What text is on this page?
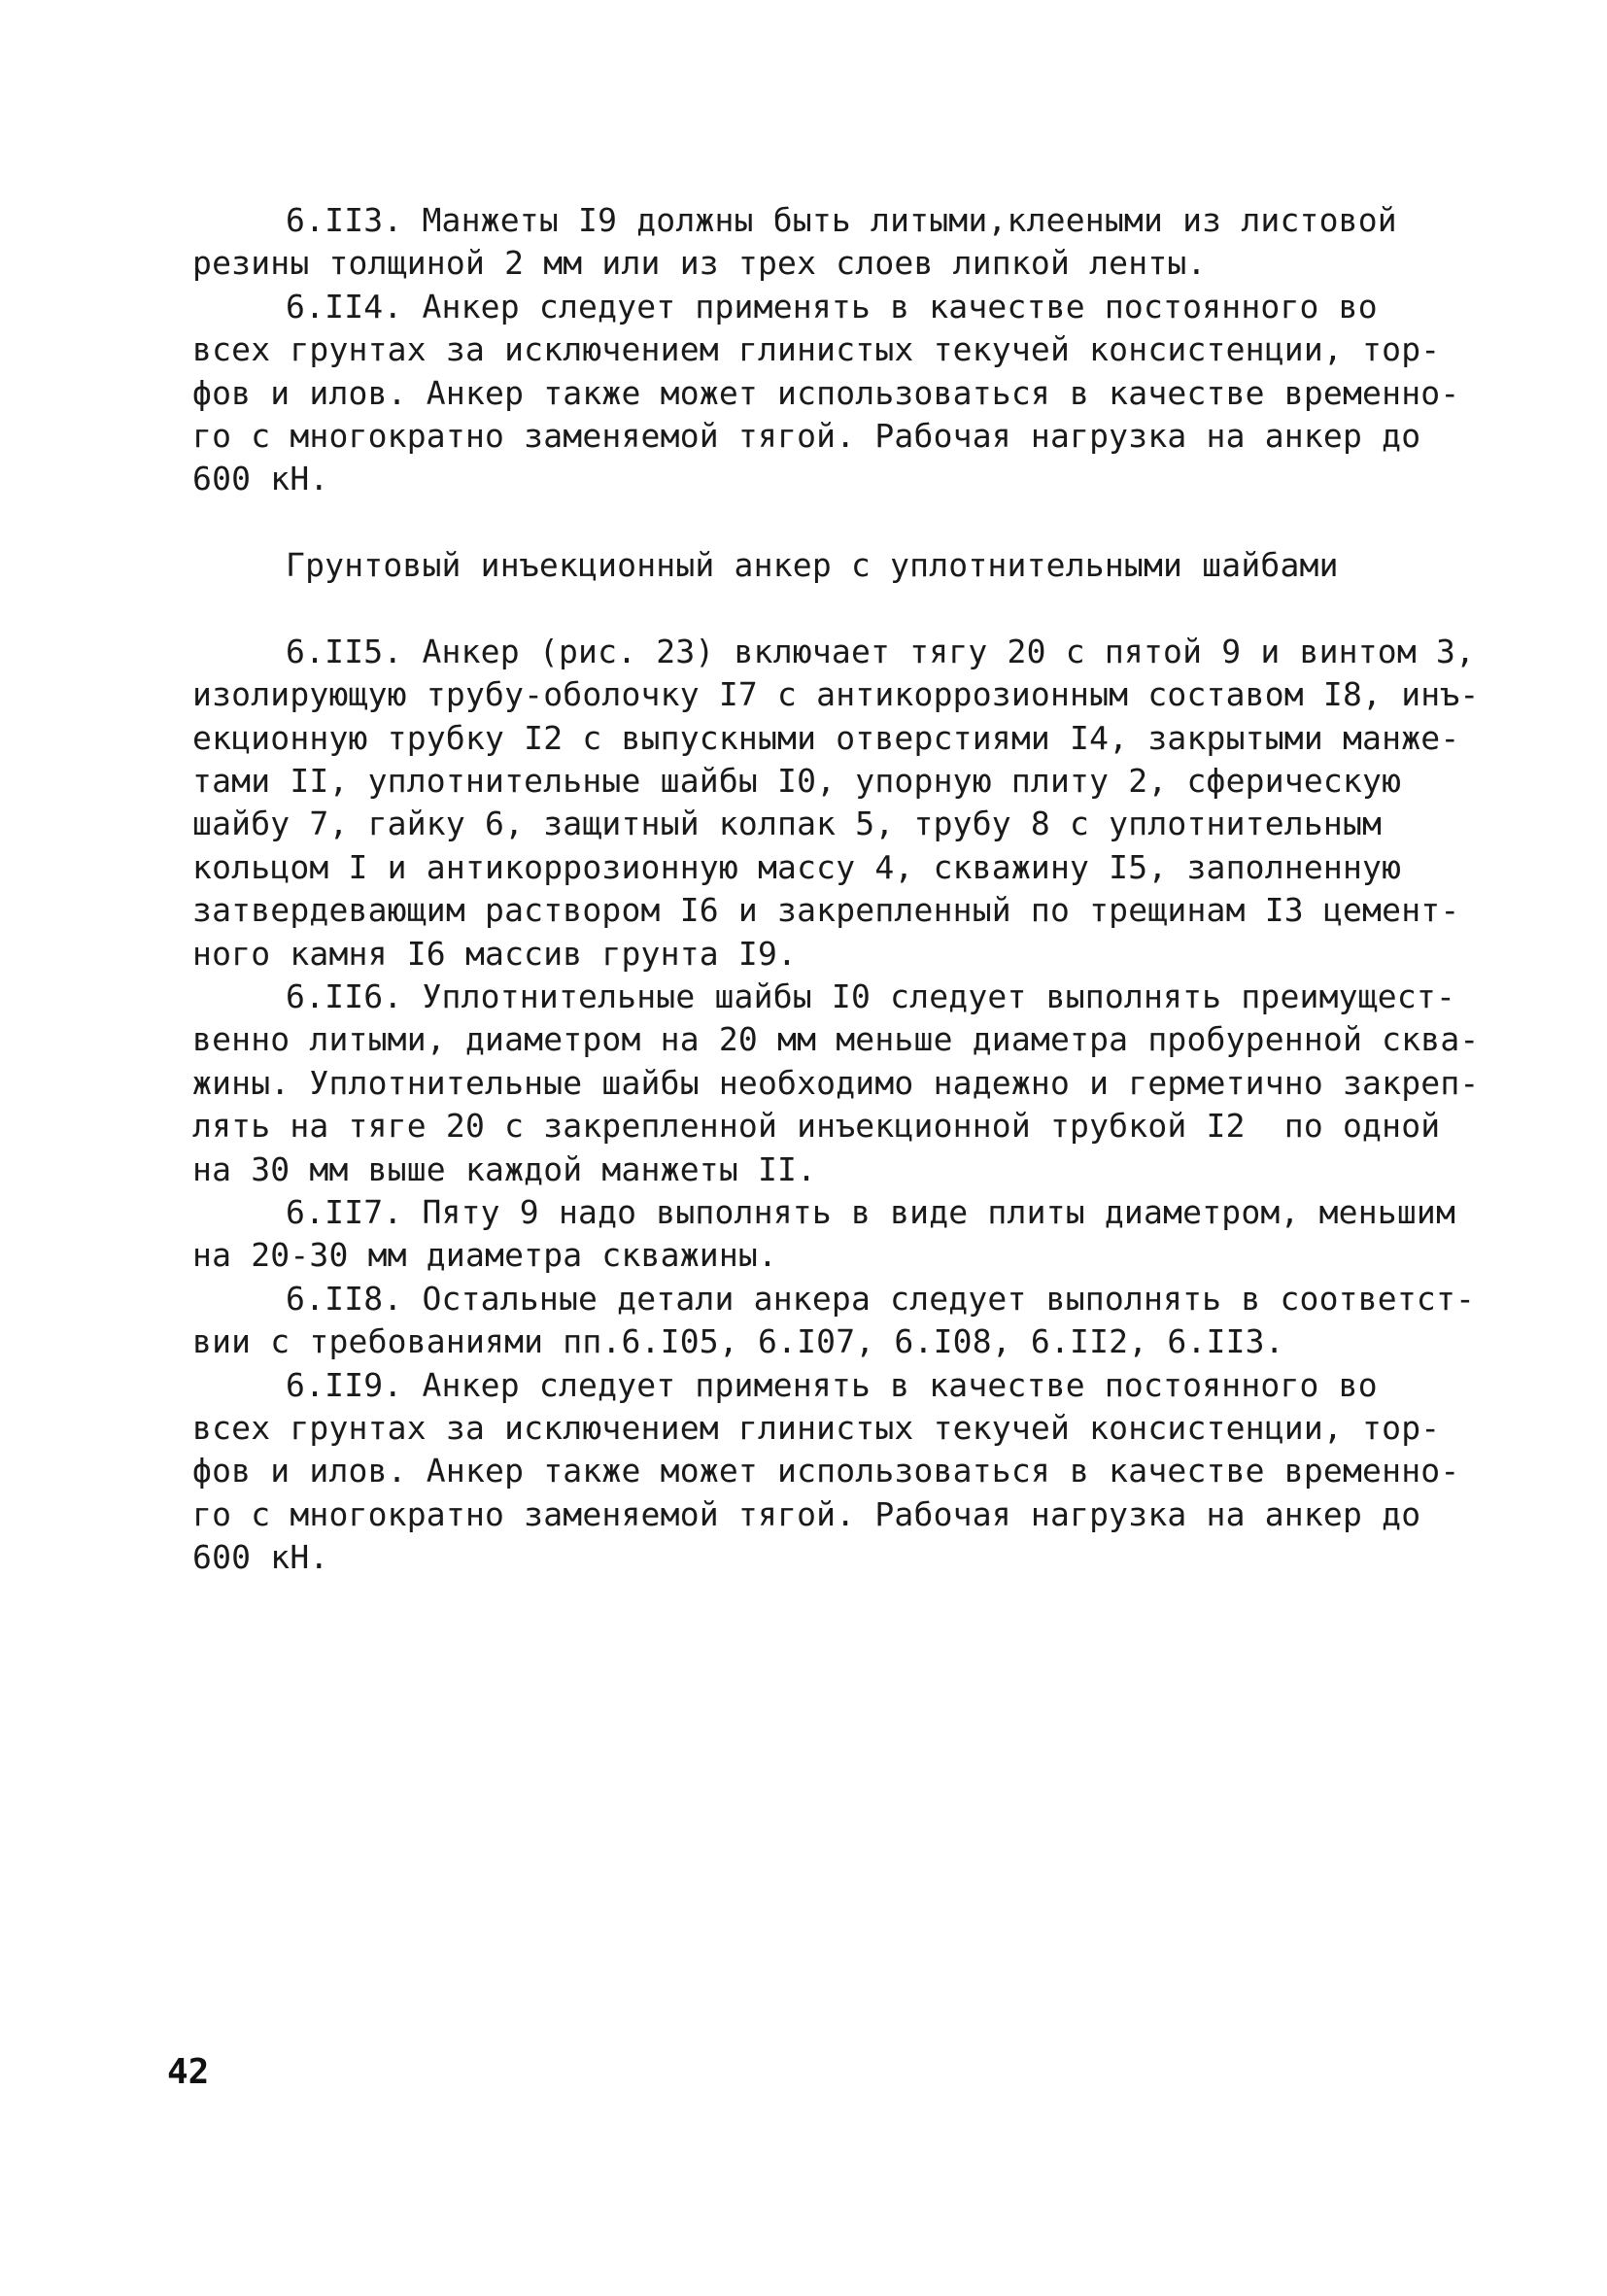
6.II3. Манжеты I9 должны быть литыми,клееными из листовой
резины толщиной 2 мм или из трех слоев липкой ленты.
6.II4. Анкер следует применять в качестве постоянного во
всех грунтах за исключением глинистых текучей консистенции, тор-
фов и илов. Анкер также может использоваться в качестве временно-
го с многократно заменяемой тягой. Рабочая нагрузка на анкер до
600 кН.
Грунтовый инъекционный анкер с уплотнительными шайбами
6.II5. Анкер (рис. 23) включает тягу 20 с пятой 9 и винтом 3,
изолирующую трубу-оболочку I7 с антикоррозионным составом I8, инъ-
екционную трубку I2 с выпускными отверстиями I4, закрытыми манже-
тами II, уплотнительные шайбы I0, упорную плиту 2, сферическую
шайбу 7, гайку 6, защитный колпак 5, трубу 8 с уплотнительным
кольцом I и антикоррозионную массу 4, скважину I5, заполненную
затвердевающим раствором I6 и закрепленный по трещинам I3 цемент-
ного камня I6 массив грунта I9.
6.II6. Уплотнительные шайбы I0 следует выполнять преимущест-
венно литыми, диаметром на 20 мм меньше диаметра пробуренной сква-
жины. Уплотнительные шайбы необходимо надежно и герметично закреп-
лять на тяге 20 с закрепленной инъекционной трубкой I2  по одной
на 30 мм выше каждой манжеты II.
6.II7. Пяту 9 надо выполнять в виде плиты диаметром, меньшим
на 20-30 мм диаметра скважины.
6.II8. Остальные детали анкера следует выполнять в соответст-
вии с требованиями пп.6.I05, 6.I07, 6.I08, 6.II2, 6.II3.
6.II9. Анкер следует применять в качестве постоянного во
всех грунтах за исключением глинистых текучей консистенции, тор-
фов и илов. Анкер также может использоваться в качестве временно-
го с многократно заменяемой тягой. Рабочая нагрузка на анкер до
600 кН.
42
